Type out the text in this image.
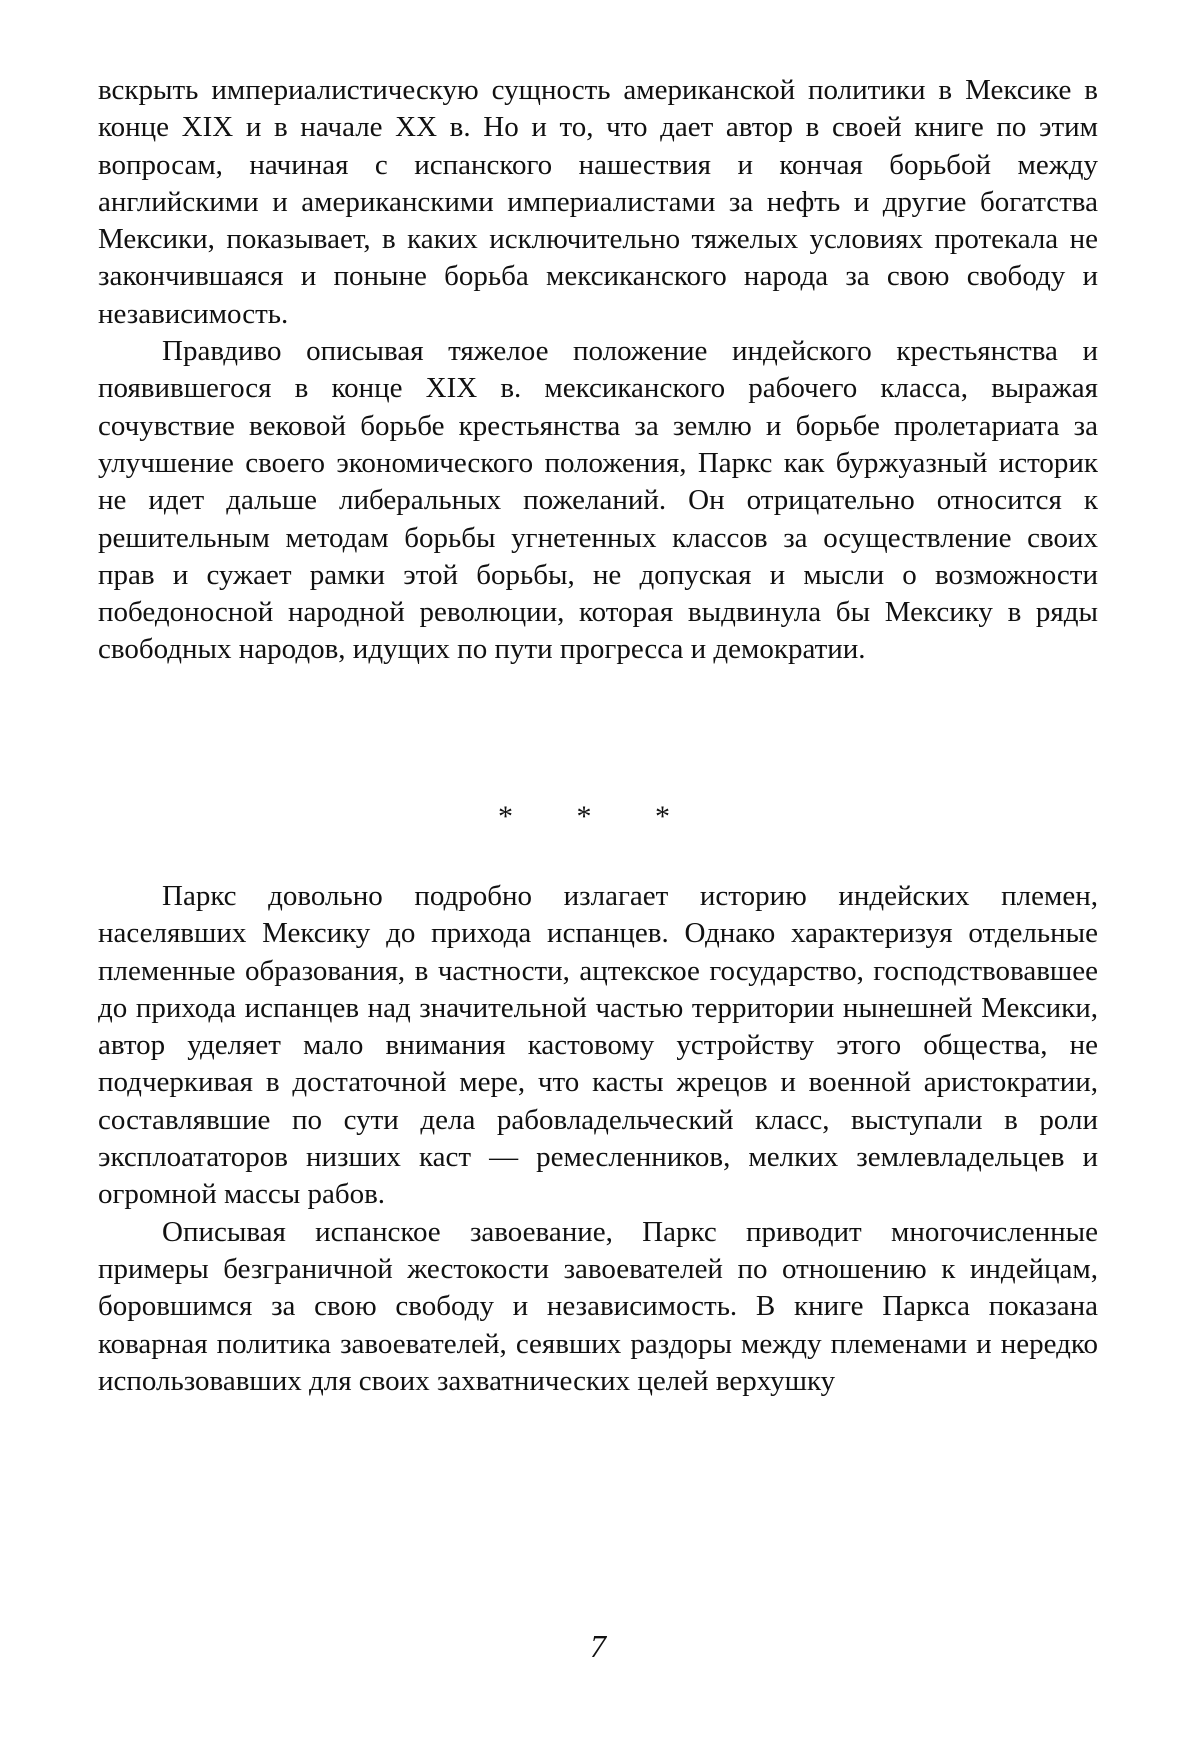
вскрыть империалистическую сущность американской политики в Мексике в конце XIX и в начале XX в. Но и то, что дает автор в своей книге по этим вопросам, начиная с испанского нашествия и кончая борьбой между английскими и американскими империалистами за нефть и другие богатства Мексики, показывает, в каких исключительно тяжелых условиях протекала не закончившаяся и поныне борьба мексиканского народа за свою свободу и независимость.

Правдиво описывая тяжелое положение индейского крестьянства и появившегося в конце XIX в. мексиканского рабочего класса, выражая сочувствие вековой борьбе крестьянства за землю и борьбе пролетариата за улучшение своего экономического положения, Паркс как буржуазный историк не идет дальше либеральных пожеланий. Он отрицательно относится к решительным методам борьбы угнетенных классов за осуществление своих прав и сужает рамки этой борьбы, не допуская и мысли о возможности победоносной народной революции, которая выдвинула бы Мексику в ряды свободных народов, идущих по пути прогресса и демократии.

* * *

Паркс довольно подробно излагает историю индейских племен, населявших Мексику до прихода испанцев. Однако характеризуя отдельные племенные образования, в частности, ацтекское государство, господствовавшее до прихода испанцев над значительной частью территории нынешней Мексики, автор уделяет мало внимания кастовому устройству этого общества, не подчеркивая в достаточной мере, что касты жрецов и военной аристократии, составлявшие по сути дела рабовладельческий класс, выступали в роли эксплоататоров низших каст — ремесленников, мелких землевладельцев и огромной массы рабов.

Описывая испанское завоевание, Паркс приводит многочисленные примеры безграничной жестокости завоевателей по отношению к индейцам, боровшимся за свою свободу и независимость. В книге Паркса показана коварная политика завоевателей, сеявших раздоры между племенами и нередко использовавших для своих захватнических целей верхушку

7
